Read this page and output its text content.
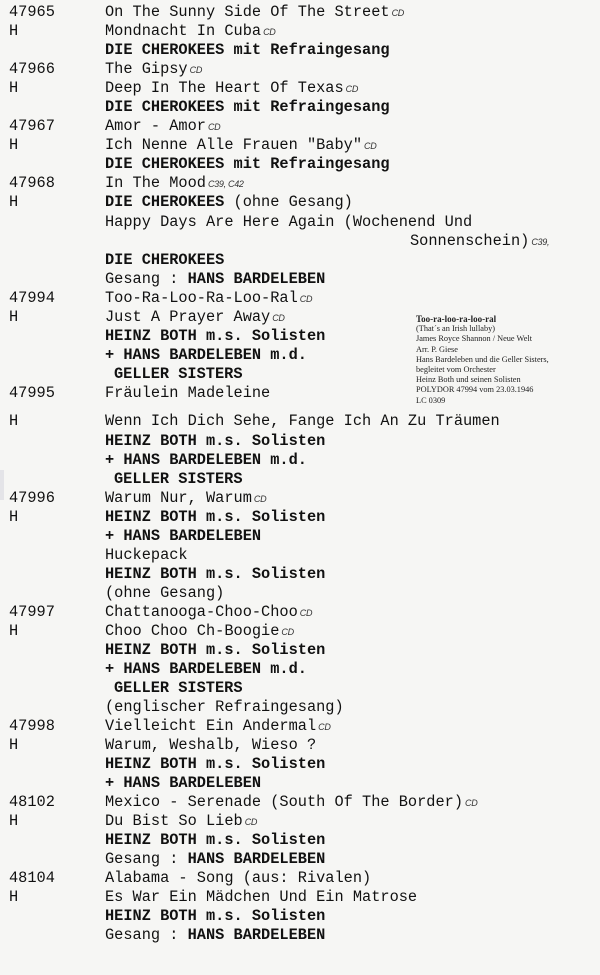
47965	On The Sunny Side Of The Street CD
H	Mondnacht In Cuba CD
DIE CHEROKEES mit Refraingesang
47966	The Gipsy CD
H	Deep In The Heart Of Texas CD
DIE CHEROKEES mit Refraingesang
47967	Amor - Amor CD
H	Ich Nenne Alle Frauen "Baby" CD
DIE CHEROKEES mit Refraingesang
47968	In The Mood C39, C42
H	DIE CHEROKEES (ohne Gesang)
Happy Days Are Here Again (Wochenend Und
Sonnenschein) C39,
DIE CHEROKEES
Gesang : HANS BARDELEBEN
47994	Too-Ra-Loo-Ra-Loo-Ral CD
H	Just A Prayer Away CD
HEINZ BOTH m.s. Solisten
+ HANS BARDELEBEN m.d.
GELLER SISTERS
47995	Fräulein Madeleine
H	Wenn Ich Dich Sehe, Fange Ich An Zu Träumen
HEINZ BOTH m.s. Solisten
+ HANS BARDELEBEN m.d.
GELLER SISTERS
47996	Warum Nur, Warum CD
H	HEINZ BOTH m.s. Solisten
+ HANS BARDELEBEN
Huckepack
HEINZ BOTH m.s. Solisten
(ohne Gesang)
47997	Chattanooga-Choo-Choo CD
H	Choo Choo Ch-Boogie CD
HEINZ BOTH m.s. Solisten
+ HANS BARDELEBEN m.d.
GELLER SISTERS
(englischer Refraingesang)
47998	Vielleicht Ein Andermal CD
H	Warum, Weshalb, Wieso ?
HEINZ BOTH m.s. Solisten
+ HANS BARDELEBEN
48102	Mexico - Serenade (South Of The Border) CD
H	Du Bist So Lieb CD
HEINZ BOTH m.s. Solisten
Gesang : HANS BARDELEBEN
48104	Alabama - Song (aus: Rivalen)
H	Es War Ein Mädchen Und Ein Matrose
HEINZ BOTH m.s. Solisten
Gesang : HANS BARDELEBEN
Too-ra-loo-ra-loo-ral
(That´s an Irish lullaby)
James Royce Shannon / Neue Welt
Arr. P. Giese
Hans Bardeleben und die Geller Sisters,
begleitet vom Orchester
Heinz Both und seinen Solisten
POLYDOR 47994 vom 23.03.1946
LC 0309
